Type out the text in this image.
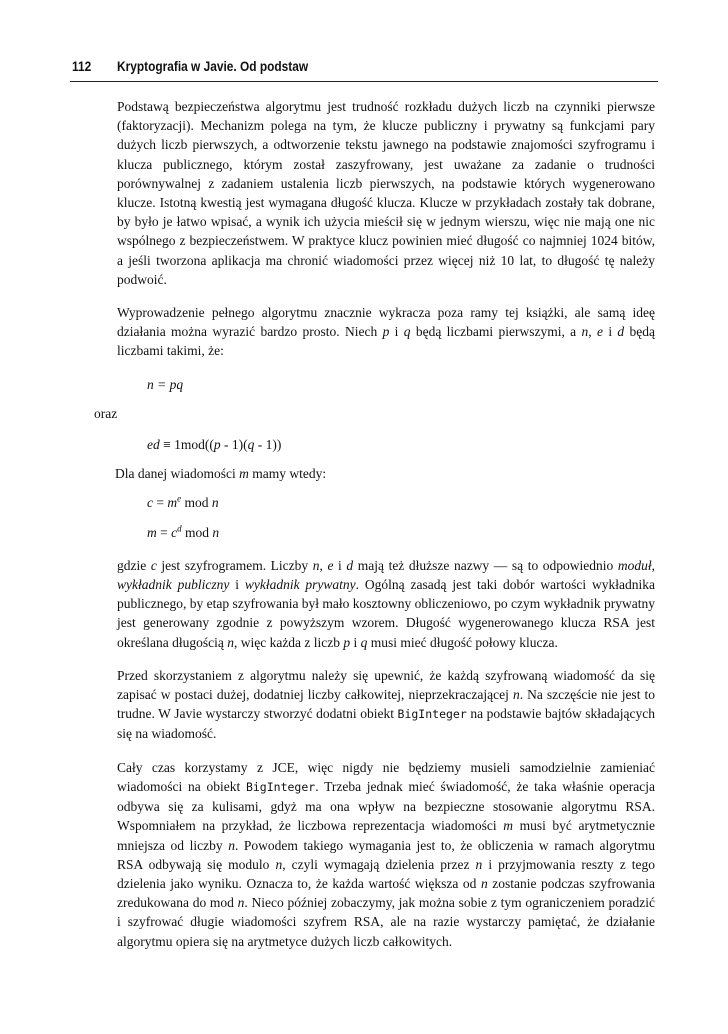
112 Kryptografia w Javie. Od podstaw

Podstawą bezpieczeństwa algorytmu jest trudność rozkładu dużych liczb na czynniki pierwsze (faktoryzacji). Mechanizm polega na tym, że klucze publiczny i prywatny są funkcjami pary dużych liczb pierwszych, a odtworzenie tekstu jawnego na podstawie znajomości szyfrogramu i klucza publicznego, którym został zaszyfrowany, jest uważane za zadanie o trudności porównywalnej z zadaniem ustalenia liczb pierwszych, na podstawie których wygenerowano klucze. Istotną kwestią jest wymagana długość klucza. Klucze w przykładach zostały tak dobrane, by było je łatwo wpisać, a wynik ich użycia mieścił się w jednym wierszu, więc nie mają one nic wspólnego z bezpieczeństwem. W praktyce klucz powinien mieć długość co najmniej 1024 bitów, a jeśli tworzona aplikacja ma chronić wiadomości przez więcej niż 10 lat, to długość tę należy podwoić.

Wyprowadzenie pełnego algorytmu znacznie wykracza poza ramy tej książki, ale samą ideę działania można wyrazić bardzo prosto. Niech p i q będą liczbami pierwszymi, a n, e i d będą liczbami takimi, że:

n = pq
oraz
ed ≡ 1mod((p - 1)(q - 1))
Dla danej wiadomości m mamy wtedy:
$c = m^e$ mod n
$m = c^d$ mod n

gdzie c jest szyfrogramem. Liczby n, e i d mają też dłuższe nazwy — są to odpowiednio moduł, wykładnik publiczny i wykładnik prywatny. Ogólną zasadą jest taki dobór wartości wykładnika publicznego, by etap szyfrowania był mało kosztowny obliczeniowo, po czym wykładnik prywatny jest generowany zgodnie z powyższym wzorem. Długość wygenerowanego klucza RSA jest określana długością n, więc każda z liczb p i q musi mieć długość połowy klucza.

Przed skorzystaniem z algorytmu należy się upewnić, że każdą szyfrowaną wiadomość da się zapisać w postaci dużej, dodatniej liczby całkowitej, nieprzekraczającej n. Na szczęście nie jest to trudne. W Javie wystarczy stworzyć dodatni obiekt BigInteger na podstawie bajtów składających się na wiadomość.

Cały czas korzystamy z JCE, więc nigdy nie będziemy musieli samodzielnie zamieniać wiadomości na obiekt BigInteger. Trzeba jednak mieć świadomość, że taka właśnie operacja odbywa się za kulisami, gdyż ma ona wpływ na bezpieczne stosowanie algorytmu RSA. Wspomniałem na przykład, że liczbowa reprezentacja wiadomości m musi być arytmetycznie mniejsza od liczby n. Powodem takiego wymagania jest to, że obliczenia w ramach algorytmu RSA odbywają się modulo n, czyli wymagają dzielenia przez n i przyjmowania reszty z tego dzielenia jako wyniku. Oznacza to, że każda wartość większa od n zostanie podczas szyfrowania zredukowana do mod n. Nieco później zobaczymy, jak można sobie z tym ograniczeniem poradzić i szyfrować długie wiadomości szyfrem RSA, ale na razie wystarczy pamiętać, że działanie algorytmu opiera się na arytmetyce dużych liczb całkowitych.
